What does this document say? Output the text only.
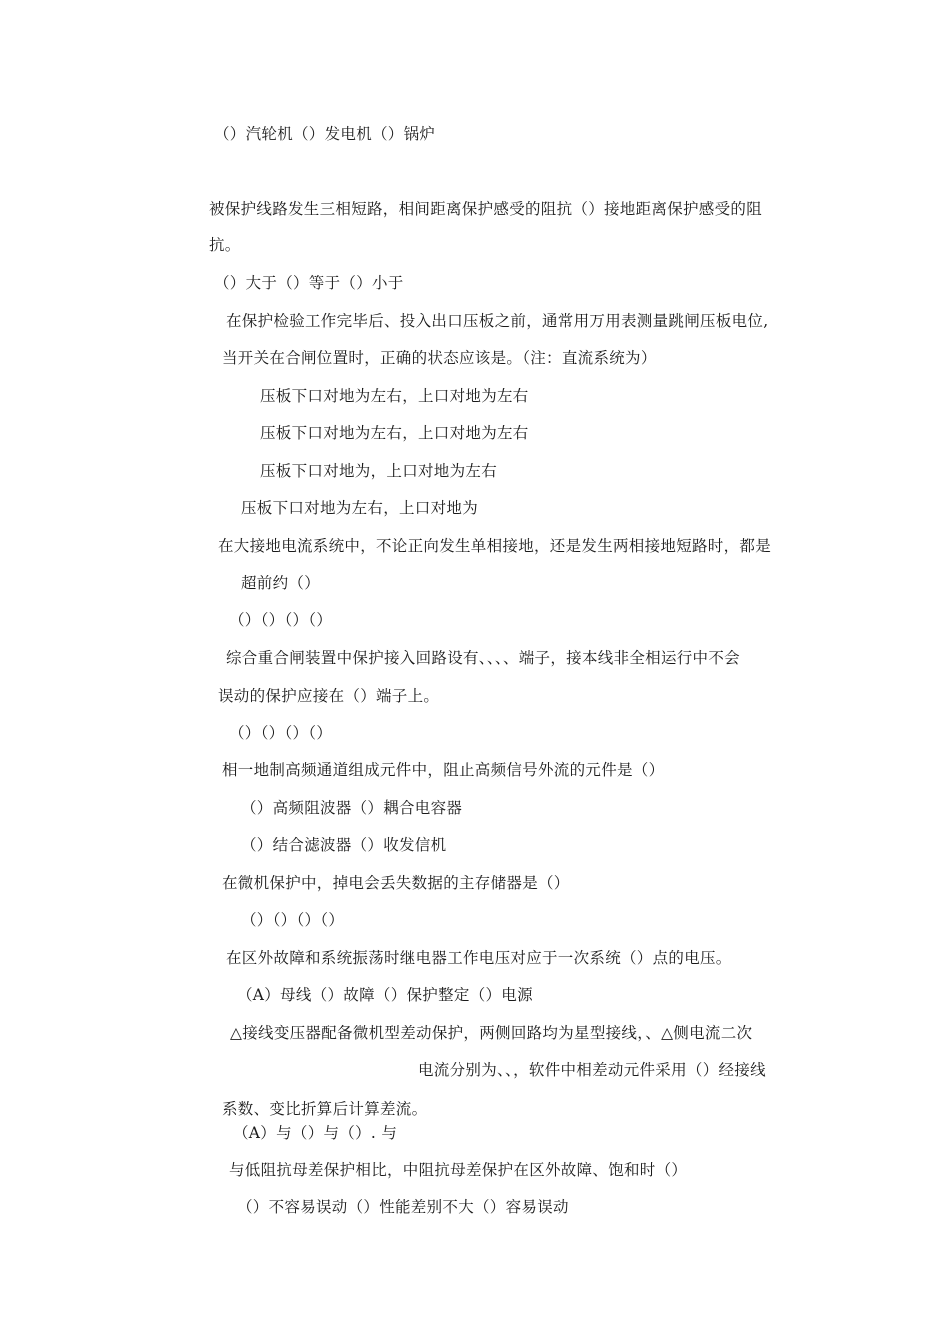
（）汽轮机（）发电机（）锅炉
被保护线路发生三相短路，相间距离保护感受的阻抗（）接地距离保护感受的阻
抗。
（）大于（）等于（）小于
在保护检验工作完毕后、投入出口压板之前，通常用万用表测量跳闸压板电位,
当开关在合闸位置时，正确的状态应该是。（注：直流系统为）
压板下口对地为左右，上口对地为左右
压板下口对地为左右，上口对地为左右
压板下口对地为，上口对地为左右
压板下口对地为左右，上口对地为
在大接地电流系统中，不论正向发生单相接地，还是发生两相接地短路时，都是
超前约（）
（）（）（）（）
综合重合闸装置中保护接入回路设有、、、、端子，接本线非全相运行中不会
误动的保护应接在（）端子上。
（）（）（）（）
相一地制高频通道组成元件中，阻止高频信号外流的元件是（）
（）高频阻波器（）耦合电容器
（）结合滤波器（）收发信机
在微机保护中，掉电会丢失数据的主存储器是（）
（）（）（）（）
在区外故障和系统振荡时继电器工作电压对应于一次系统（）点的电压。
（A）母线（）故障（）保护整定（）电源
△接线变压器配备微机型差动保护，两侧回路均为星型接线，、△侧电流二次
电流分别为、、，软件中相差动元件采用（）经接线
系数、变比折算后计算差流。
（A）与（）与（）. 与
与低阻抗母差保护相比，中阻抗母差保护在区外故障、饱和时（）
（）不容易误动（）性能差别不大（）容易误动
